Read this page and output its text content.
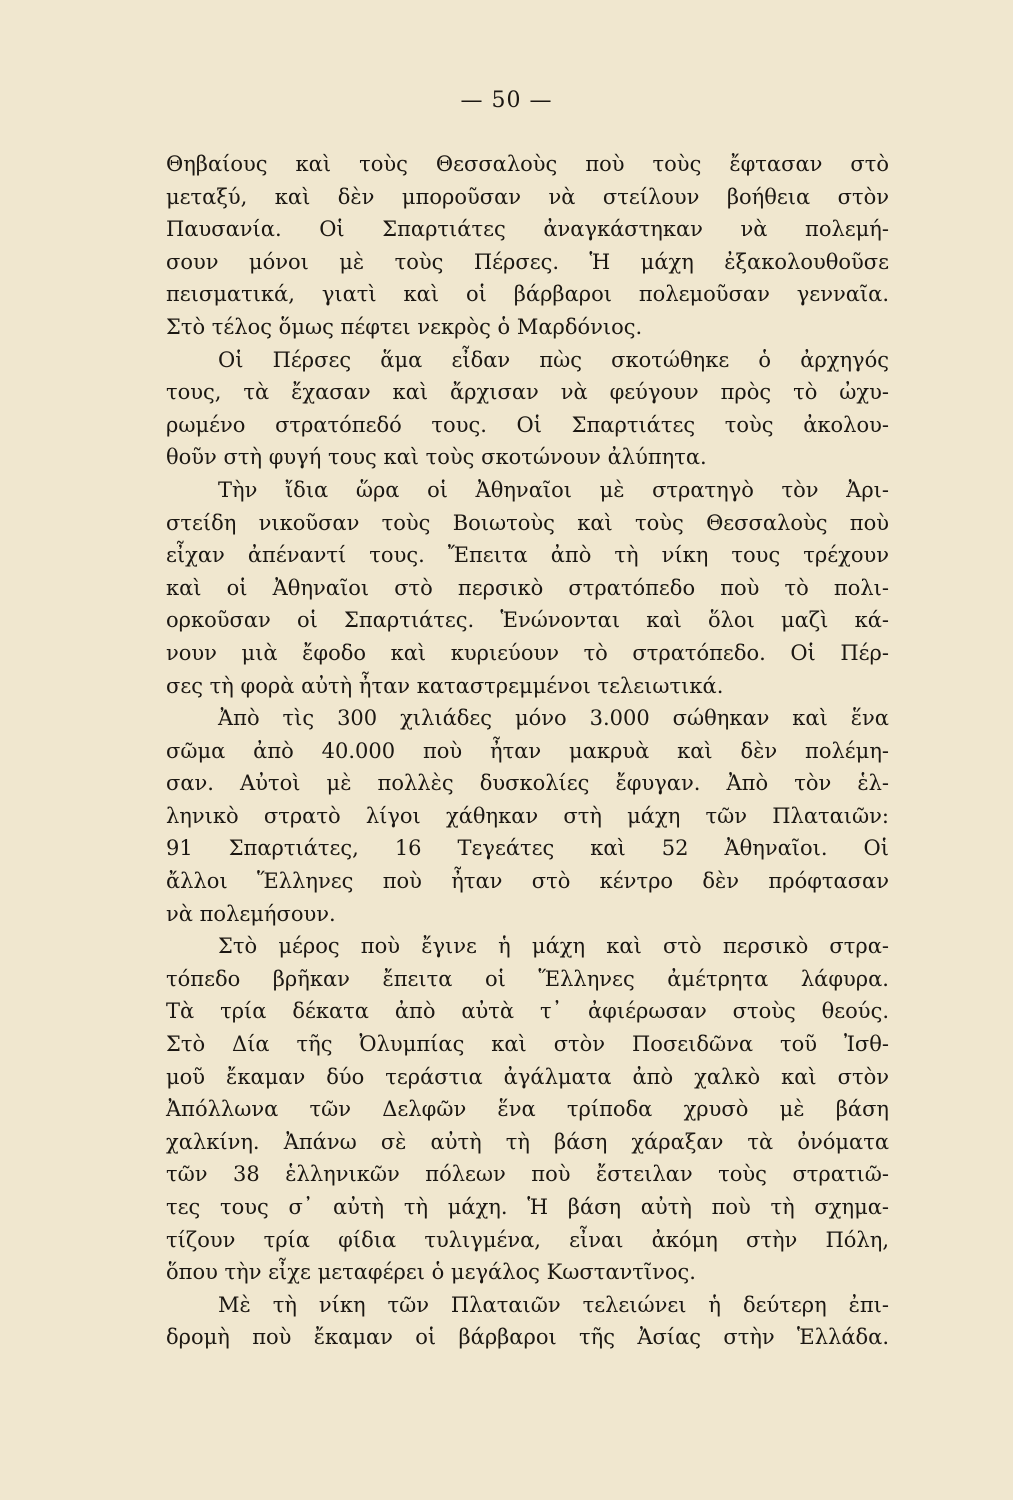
— 50 —
Θηβαίους καὶ τοὺς Θεσσαλοὺς ποὺ τοὺς ἔφτασαν στὸ
μεταξύ, καὶ δὲν μποροῦσαν νὰ στείλουν βοήθεια στὸν
Παυσανία. Οἱ Σπαρτιάτες ἀναγκάστηκαν νὰ πολεμή-
σουν μόνοι μὲ τοὺς Πέρσες. Ἡ μάχη ἐξακολουθοῦσε
πεισματικά, γιατὶ καὶ οἱ βάρβαροι πολεμοῦσαν γενναῖα.
Στὸ τέλος ὅμως πέφτει νεκρὸς ὁ Μαρδόνιος.
Οἱ Πέρσες ἅμα εἶδαν πὼς σκοτώθηκε ὁ ἀρχηγός
τους, τὰ ἔχασαν καὶ ἄρχισαν νὰ φεύγουν πρὸς τὸ ὠχυ-
ρωμένο στρατόπεδό τους. Οἱ Σπαρτιάτες τοὺς ἀκολου-
θοῦν στὴ φυγή τους καὶ τοὺς σκοτώνουν ἀλύπητα.
Τὴν ἴδια ὥρα οἱ Ἀθηναῖοι μὲ στρατηγὸ τὸν Ἀρι-
στείδη νικοῦσαν τοὺς Βοιωτοὺς καὶ τοὺς Θεσσαλοὺς ποὺ
εἶχαν ἀπέναντί τους. Ἔπειτα ἀπὸ τὴ νίκη τους τρέχουν
καὶ οἱ Ἀθηναῖοι στὸ περσικὸ στρατόπεδο ποὺ τὸ πολι-
ορκοῦσαν οἱ Σπαρτιάτες. Ἑνώνονται καὶ ὅλοι μαζὶ κά-
νουν μιὰ ἔφοδο καὶ κυριεύουν τὸ στρατόπεδο. Οἱ Πέρ-
σες τὴ φορὰ αὐτὴ ἦταν καταστρεμμένοι τελειωτικά.
Ἀπὸ τὶς 300 χιλιάδες μόνο 3.000 σώθηκαν καὶ ἕνα
σῶμα ἀπὸ 40.000 ποὺ ἦταν μακρυὰ καὶ δὲν πολέμη-
σαν. Αὐτοὶ μὲ πολλὲς δυσκολίες ἔφυγαν. Ἀπὸ τὸν ἑλ-
ληνικὸ στρατὸ λίγοι χάθηκαν στὴ μάχη τῶν Πλαταιῶν:
91 Σπαρτιάτες, 16 Τεγεάτες καὶ 52 Ἀθηναῖοι. Οἱ
ἄλλοι Ἕλληνες ποὺ ἦταν στὸ κέντρο δὲν πρόφτασαν
νὰ πολεμήσουν.
Στὸ μέρος ποὺ ἔγινε ἡ μάχη καὶ στὸ περσικὸ στρα-
τόπεδο βρῆκαν ἔπειτα οἱ Ἕλληνες ἀμέτρητα λάφυρα.
Τὰ τρία δέκατα ἀπὸ αὐτὰ τ᾽ ἀφιέρωσαν στοὺς θεούς.
Στὸ Δία τῆς Ὀλυμπίας καὶ στὸν Ποσειδῶνα τοῦ Ἰσθ-
μοῦ ἔκαμαν δύο τεράστια ἀγάλματα ἀπὸ χαλκὸ καὶ στὸν
Ἀπόλλωνα τῶν Δελφῶν ἕνα τρίποδα χρυσὸ μὲ βάση
χαλκίνη. Ἀπάνω σὲ αὐτὴ τὴ βάση χάραξαν τὰ ὀνόματα
τῶν 38 ἑλληνικῶν πόλεων ποὺ ἔστειλαν τοὺς στρατιῶ-
τες τους σ᾽ αὐτὴ τὴ μάχη. Ἡ βάση αὐτὴ ποὺ τὴ σχημα-
τίζουν τρία φίδια τυλιγμένα, εἶναι ἀκόμη στὴν Πόλη,
ὅπου τὴν εἶχε μεταφέρει ὁ μεγάλος Κωσταντῖνος.
Μὲ τὴ νίκη τῶν Πλαταιῶν τελειώνει ἡ δεύτερη ἐπι-
δρομὴ ποὺ ἔκαμαν οἱ βάρβαροι τῆς Ἀσίας στὴν Ἑλλάδα.
